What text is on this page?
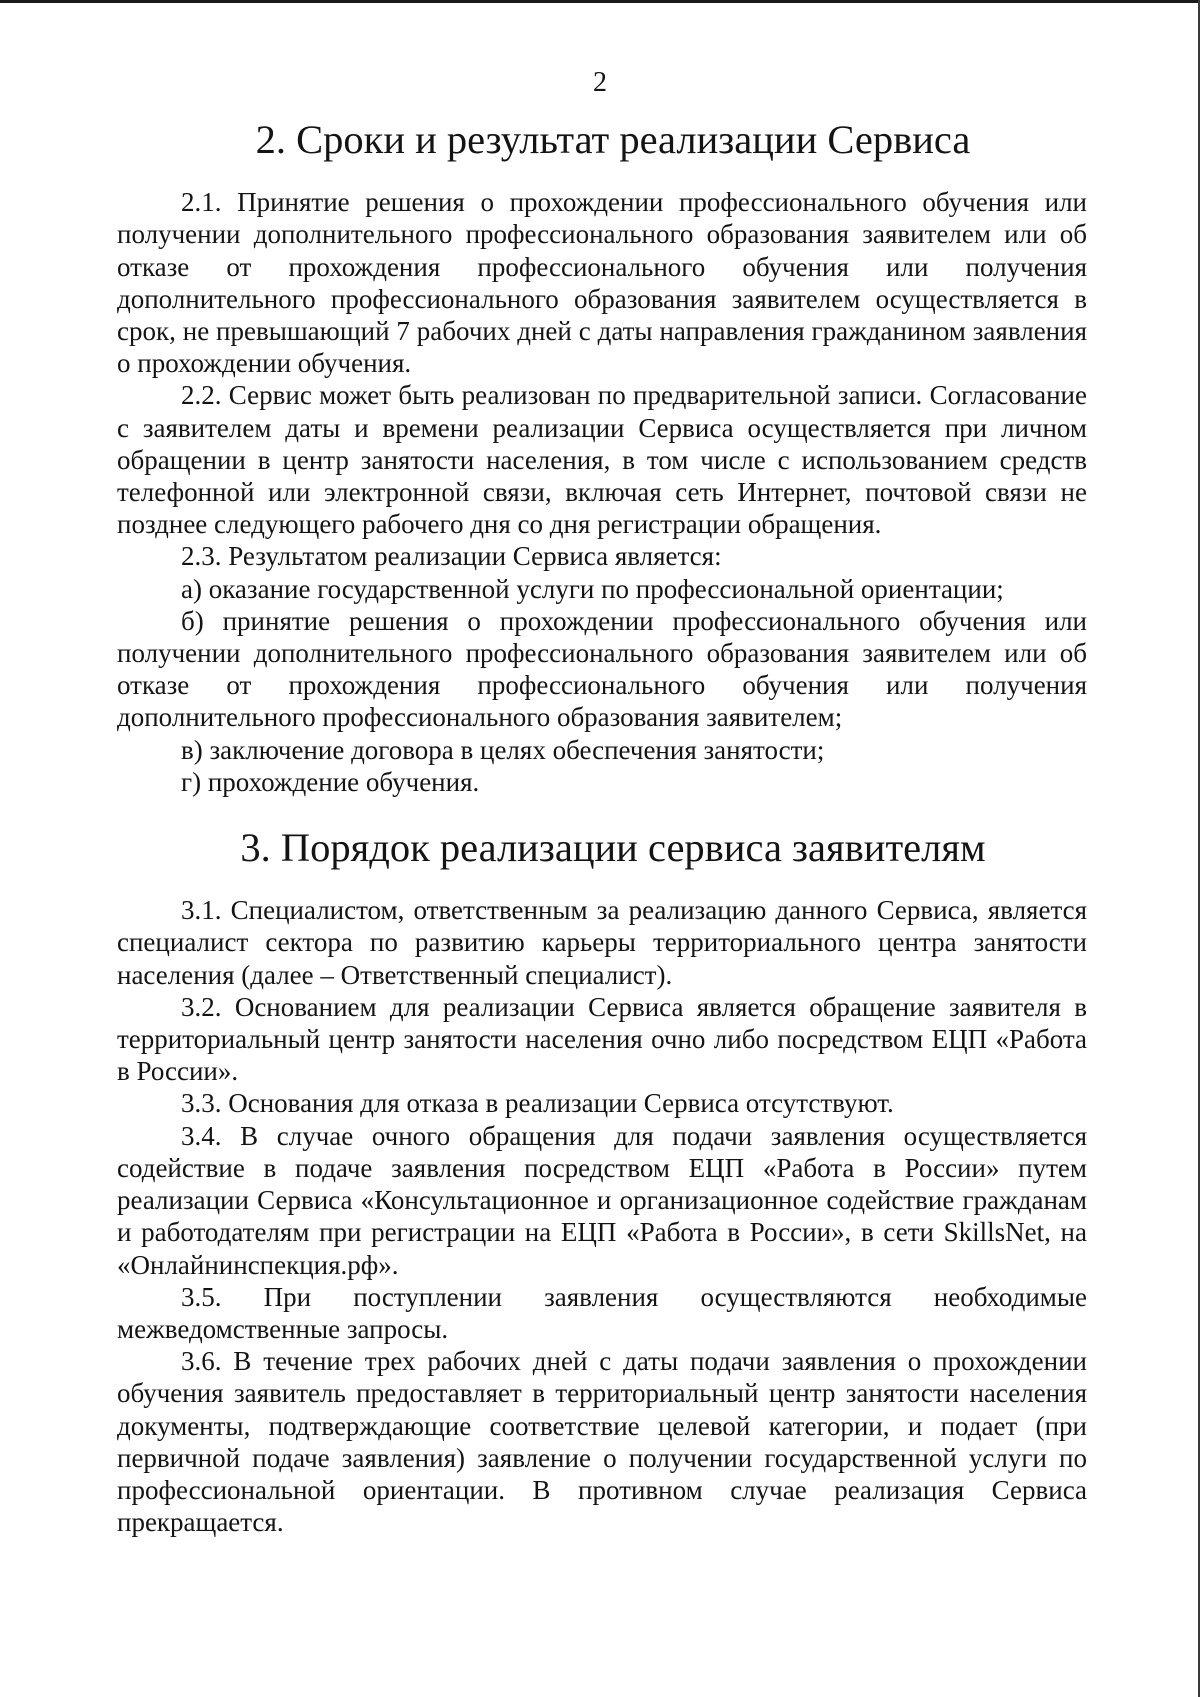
2
2. Сроки и результат реализации Сервиса

2.1. Принятие решения о прохождении профессионального обучения или получении дополнительного профессионального образования заявителем или об отказе от прохождения профессионального обучения или получения дополнительного профессионального образования заявителем осуществляется в срок, не превышающий 7 рабочих дней с даты направления гражданином заявления о прохождении обучения.

2.2. Сервис может быть реализован по предварительной записи. Согласование с заявителем даты и времени реализации Сервиса осуществляется при личном обращении в центр занятости населения, в том числе с использованием средств телефонной или электронной связи, включая сеть Интернет, почтовой связи не позднее следующего рабочего дня со дня регистрации обращения.

2.3. Результатом реализации Сервиса является:

а) оказание государственной услуги по профессиональной ориентации;

б) принятие решения о прохождении профессионального обучения или получении дополнительного профессионального образования заявителем или об отказе от прохождения профессионального обучения или получения дополнительного профессионального образования заявителем;

в) заключение договора в целях обеспечения занятости;

г) прохождение обучения.

3. Порядок реализации сервиса заявителям

3.1. Специалистом, ответственным за реализацию данного Сервиса, является специалист сектора по развитию карьеры территориального центра занятости населения (далее – Ответственный специалист).

3.2. Основанием для реализации Сервиса является обращение заявителя в территориальный центр занятости населения очно либо посредством ЕЦП «Работа в России».

3.3. Основания для отказа в реализации Сервиса отсутствуют.

3.4. В случае очного обращения для подачи заявления осуществляется содействие в подаче заявления посредством ЕЦП «Работа в России» путем реализации Сервиса «Консультационное и организационное содействие гражданам и работодателям при регистрации на ЕЦП «Работа в России», в сети SkillsNet, на «Онлайнинспекция.рф».

3.5. При поступлении заявления осуществляются необходимые межведомственные запросы.

3.6. В течение трех рабочих дней с даты подачи заявления о прохождении обучения заявитель предоставляет в территориальный центр занятости населения документы, подтверждающие соответствие целевой категории, и подает (при первичной подаче заявления) заявление о получении государственной услуги по профессиональной ориентации. В противном случае реализация Сервиса прекращается.
